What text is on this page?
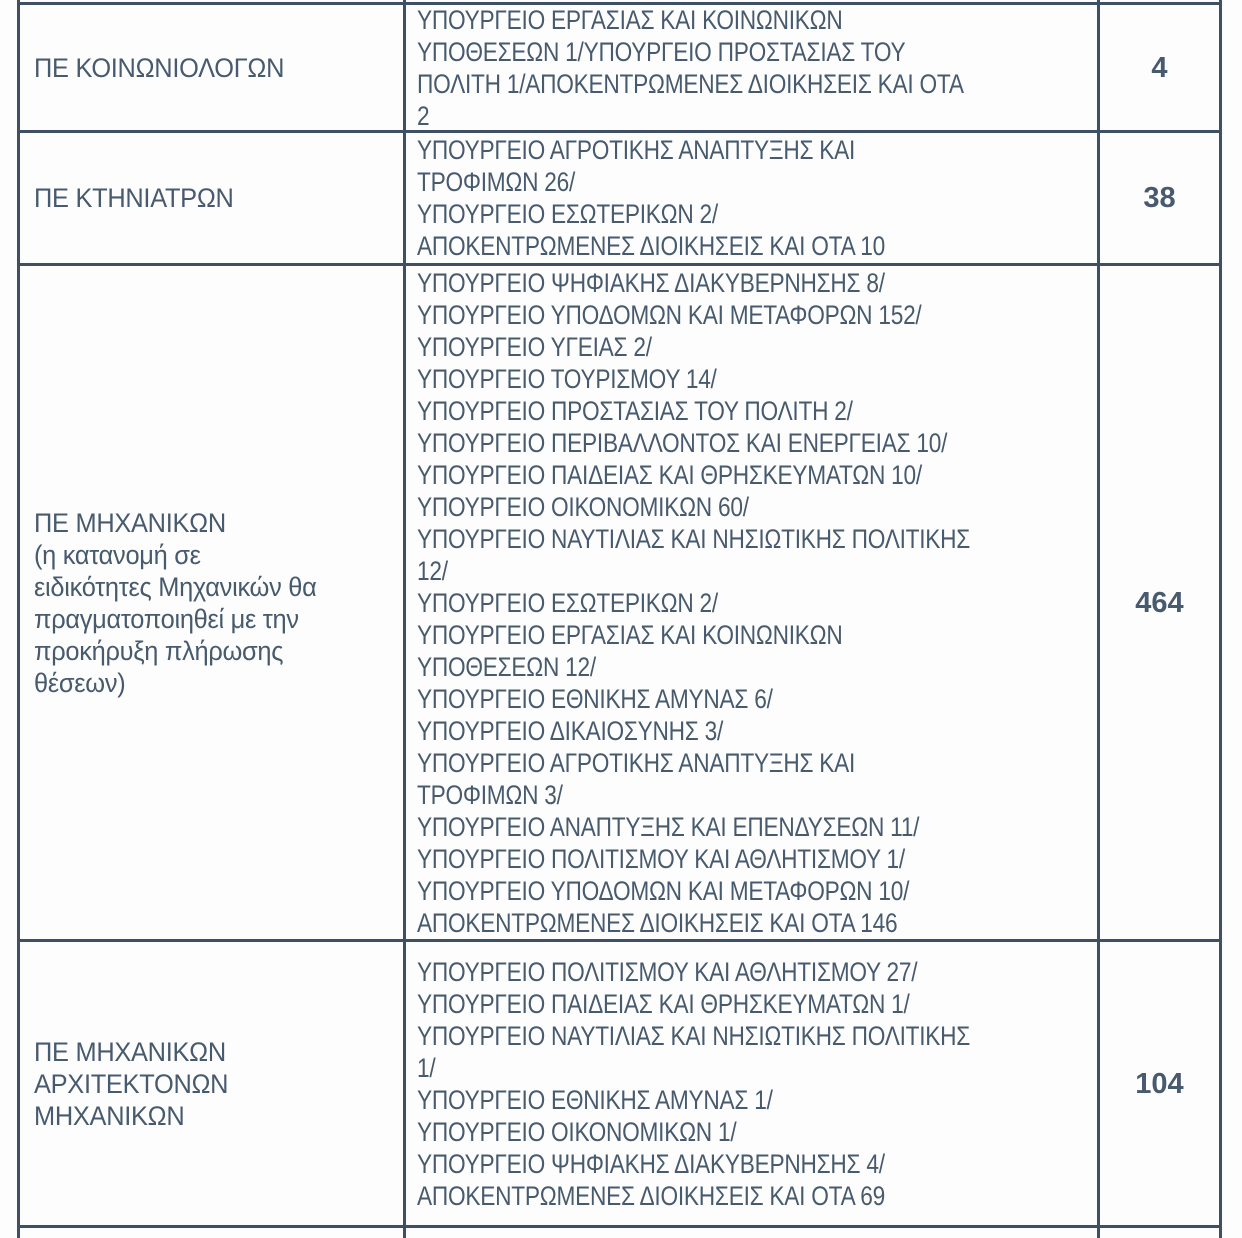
ΠΕ ΚΟΙΝΩΝΙΟΛΟΓΩΝ
ΥΠΟΥΡΓΕΙΟ ΕΡΓΑΣΙΑΣ ΚΑΙ ΚΟΙΝΩΝΙΚΩΝ
ΥΠΟΘΕΣΕΩΝ 1/ΥΠΟΥΡΓΕΙΟ ΠΡΟΣΤΑΣΙΑΣ ΤΟΥ
ΠΟΛΙΤΗ 1/ΑΠΟΚΕΝΤΡΩΜΕΝΕΣ ΔΙΟΙΚΗΣΕΙΣ ΚΑΙ ΟΤΑ
2
4
ΠΕ ΚΤΗΝΙΑΤΡΩΝ
ΥΠΟΥΡΓΕΙΟ ΑΓΡΟΤΙΚΗΣ ΑΝΑΠΤΥΞΗΣ ΚΑΙ
ΤΡΟΦΙΜΩΝ 26/
ΥΠΟΥΡΓΕΙΟ ΕΣΩΤΕΡΙΚΩΝ 2/
ΑΠΟΚΕΝΤΡΩΜΕΝΕΣ ΔΙΟΙΚΗΣΕΙΣ ΚΑΙ ΟΤΑ 10
38
ΠΕ ΜΗΧΑΝΙΚΩΝ
(η κατανομή σε
ειδικότητες Μηχανικών θα
πραγματοποιηθεί με την
προκήρυξη πλήρωσης
θέσεων)
ΥΠΟΥΡΓΕΙΟ ΨΗΦΙΑΚΗΣ ΔΙΑΚΥΒΕΡΝΗΣΗΣ 8/
ΥΠΟΥΡΓΕΙΟ ΥΠΟΔΟΜΩΝ ΚΑΙ ΜΕΤΑΦΟΡΩΝ 152/
ΥΠΟΥΡΓΕΙΟ ΥΓΕΙΑΣ 2/
ΥΠΟΥΡΓΕΙΟ ΤΟΥΡΙΣΜΟΥ 14/
ΥΠΟΥΡΓΕΙΟ ΠΡΟΣΤΑΣΙΑΣ ΤΟΥ ΠΟΛΙΤΗ 2/
ΥΠΟΥΡΓΕΙΟ ΠΕΡΙΒΑΛΛΟΝΤΟΣ ΚΑΙ ΕΝΕΡΓΕΙΑΣ 10/
ΥΠΟΥΡΓΕΙΟ ΠΑΙΔΕΙΑΣ ΚΑΙ ΘΡΗΣΚΕΥΜΑΤΩΝ 10/
ΥΠΟΥΡΓΕΙΟ ΟΙΚΟΝΟΜΙΚΩΝ 60/
ΥΠΟΥΡΓΕΙΟ ΝΑΥΤΙΛΙΑΣ ΚΑΙ ΝΗΣΙΩΤΙΚΗΣ ΠΟΛΙΤΙΚΗΣ
12/
ΥΠΟΥΡΓΕΙΟ ΕΣΩΤΕΡΙΚΩΝ 2/
ΥΠΟΥΡΓΕΙΟ ΕΡΓΑΣΙΑΣ ΚΑΙ ΚΟΙΝΩΝΙΚΩΝ
ΥΠΟΘΕΣΕΩΝ 12/
ΥΠΟΥΡΓΕΙΟ ΕΘΝΙΚΗΣ ΑΜΥΝΑΣ 6/
ΥΠΟΥΡΓΕΙΟ ΔΙΚΑΙΟΣΥΝΗΣ 3/
ΥΠΟΥΡΓΕΙΟ ΑΓΡΟΤΙΚΗΣ ΑΝΑΠΤΥΞΗΣ ΚΑΙ
ΤΡΟΦΙΜΩΝ 3/
ΥΠΟΥΡΓΕΙΟ ΑΝΑΠΤΥΞΗΣ ΚΑΙ ΕΠΕΝΔΥΣΕΩΝ 11/
ΥΠΟΥΡΓΕΙΟ ΠΟΛΙΤΙΣΜΟΥ ΚΑΙ ΑΘΛΗΤΙΣΜΟΥ 1/
ΥΠΟΥΡΓΕΙΟ ΥΠΟΔΟΜΩΝ ΚΑΙ ΜΕΤΑΦΟΡΩΝ 10/
ΑΠΟΚΕΝΤΡΩΜΕΝΕΣ ΔΙΟΙΚΗΣΕΙΣ ΚΑΙ ΟΤΑ 146
464
ΠΕ ΜΗΧΑΝΙΚΩΝ
ΑΡΧΙΤΕΚΤΟΝΩΝ
ΜΗΧΑΝΙΚΩΝ
ΥΠΟΥΡΓΕΙΟ ΠΟΛΙΤΙΣΜΟΥ ΚΑΙ ΑΘΛΗΤΙΣΜΟΥ 27/
ΥΠΟΥΡΓΕΙΟ ΠΑΙΔΕΙΑΣ ΚΑΙ ΘΡΗΣΚΕΥΜΑΤΩΝ 1/
ΥΠΟΥΡΓΕΙΟ ΝΑΥΤΙΛΙΑΣ ΚΑΙ ΝΗΣΙΩΤΙΚΗΣ ΠΟΛΙΤΙΚΗΣ
1/
ΥΠΟΥΡΓΕΙΟ ΕΘΝΙΚΗΣ ΑΜΥΝΑΣ 1/
ΥΠΟΥΡΓΕΙΟ ΟΙΚΟΝΟΜΙΚΩΝ 1/
ΥΠΟΥΡΓΕΙΟ ΨΗΦΙΑΚΗΣ ΔΙΑΚΥΒΕΡΝΗΣΗΣ 4/
ΑΠΟΚΕΝΤΡΩΜΕΝΕΣ ΔΙΟΙΚΗΣΕΙΣ ΚΑΙ ΟΤΑ 69
104
